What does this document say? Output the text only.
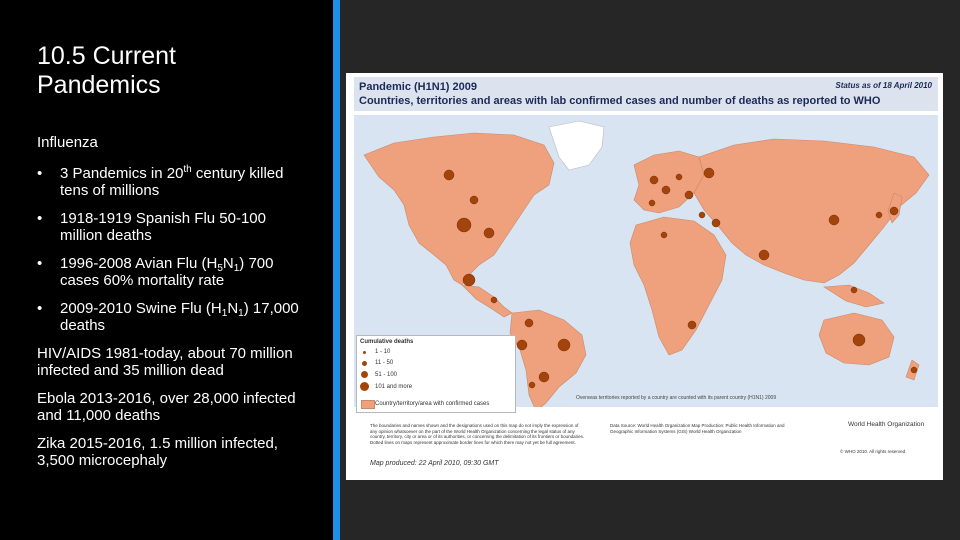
10.5 Current Pandemics
Influenza
• 3 Pandemics in 20th century killed tens of millions
• 1918-1919 Spanish Flu 50-100 million deaths
• 1996-2008 Avian Flu $(H_5N_1)$ 700 cases 60% mortality rate
• 2009-2010 Swine Flu $(H_1N_1)$ 17,000 deaths

HIV/AIDS 1981-today, about 70 million infected and 35 million dead

Ebola 2013-2016, over 28,000 infected and 11,000 deaths

Zika 2015-2016, 1.5 million infected, 3,500 microcephaly

Pandemic (H1N1) 2009
Countries, territories and areas with lab confirmed cases and number of deaths as reported to WHO
Status as of 18 April 2010
Cumulative deaths
1 - 10
11 - 50
51 - 100
101 and more
Country/territory/area with confirmed cases
Overseas territories reported by a country are counted with its parent country (H1N1) 2009
The boundaries and names shown and the designations used on this map do not imply the expression of any opinion whatsoever on the part of the World Health Organization concerning the legal status of any country, territory, city or area or of its authorities, or concerning the delimitation of its frontiers or boundaries. Dotted lines on maps represent approximate border lines for which there may not yet be full agreement.
Data Source: World Health Organization Map Production: Public Health Information and Geographic Information Systems (GIS) World Health Organization
Map produced: 22 April 2010, 09:30 GMT
World Health Organization
© WHO 2010. All rights reserved
